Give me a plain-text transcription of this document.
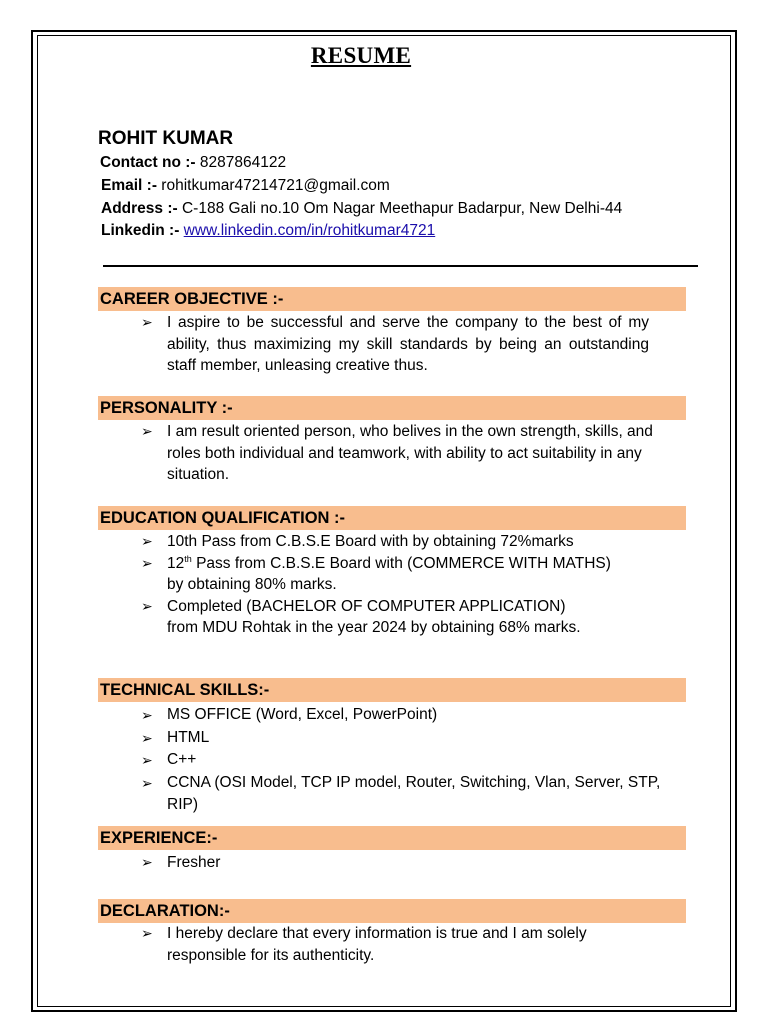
RESUME
ROHIT KUMAR
Contact no :- 8287864122
Email :- rohitkumar47214721@gmail.com
Address :- C-188 Gali no.10 Om Nagar Meethapur Badarpur, New Delhi-44
Linkedin :- www.linkedin.com/in/rohitkumar4721
CAREER OBJECTIVE :-
➢ I aspire to be successful and serve the company to the best of my ability, thus maximizing my skill standards by being an outstanding staff member, unleasing creative thus.
PERSONALITY :-
➢ I am result oriented person, who belives in the own strength, skills, and roles both individual and teamwork, with ability to act suitability in any situation.
EDUCATION QUALIFICATION :-
➢ 10th Pass from C.B.S.E Board with by obtaining 72%marks
➢ 12th Pass from C.B.S.E Board with (COMMERCE WITH MATHS) by obtaining 80% marks.
➢ Completed (BACHELOR OF COMPUTER APPLICATION) from MDU Rohtak in the year 2024 by obtaining 68% marks.
TECHNICAL SKILLS:-
➢ MS OFFICE (Word, Excel, PowerPoint)
➢ HTML
➢ C++
➢ CCNA (OSI Model, TCP IP model, Router, Switching, Vlan, Server, STP, RIP)
EXPERIENCE:-
➢ Fresher
DECLARATION:-
➢ I hereby declare that every information is true and I am solely responsible for its authenticity.
